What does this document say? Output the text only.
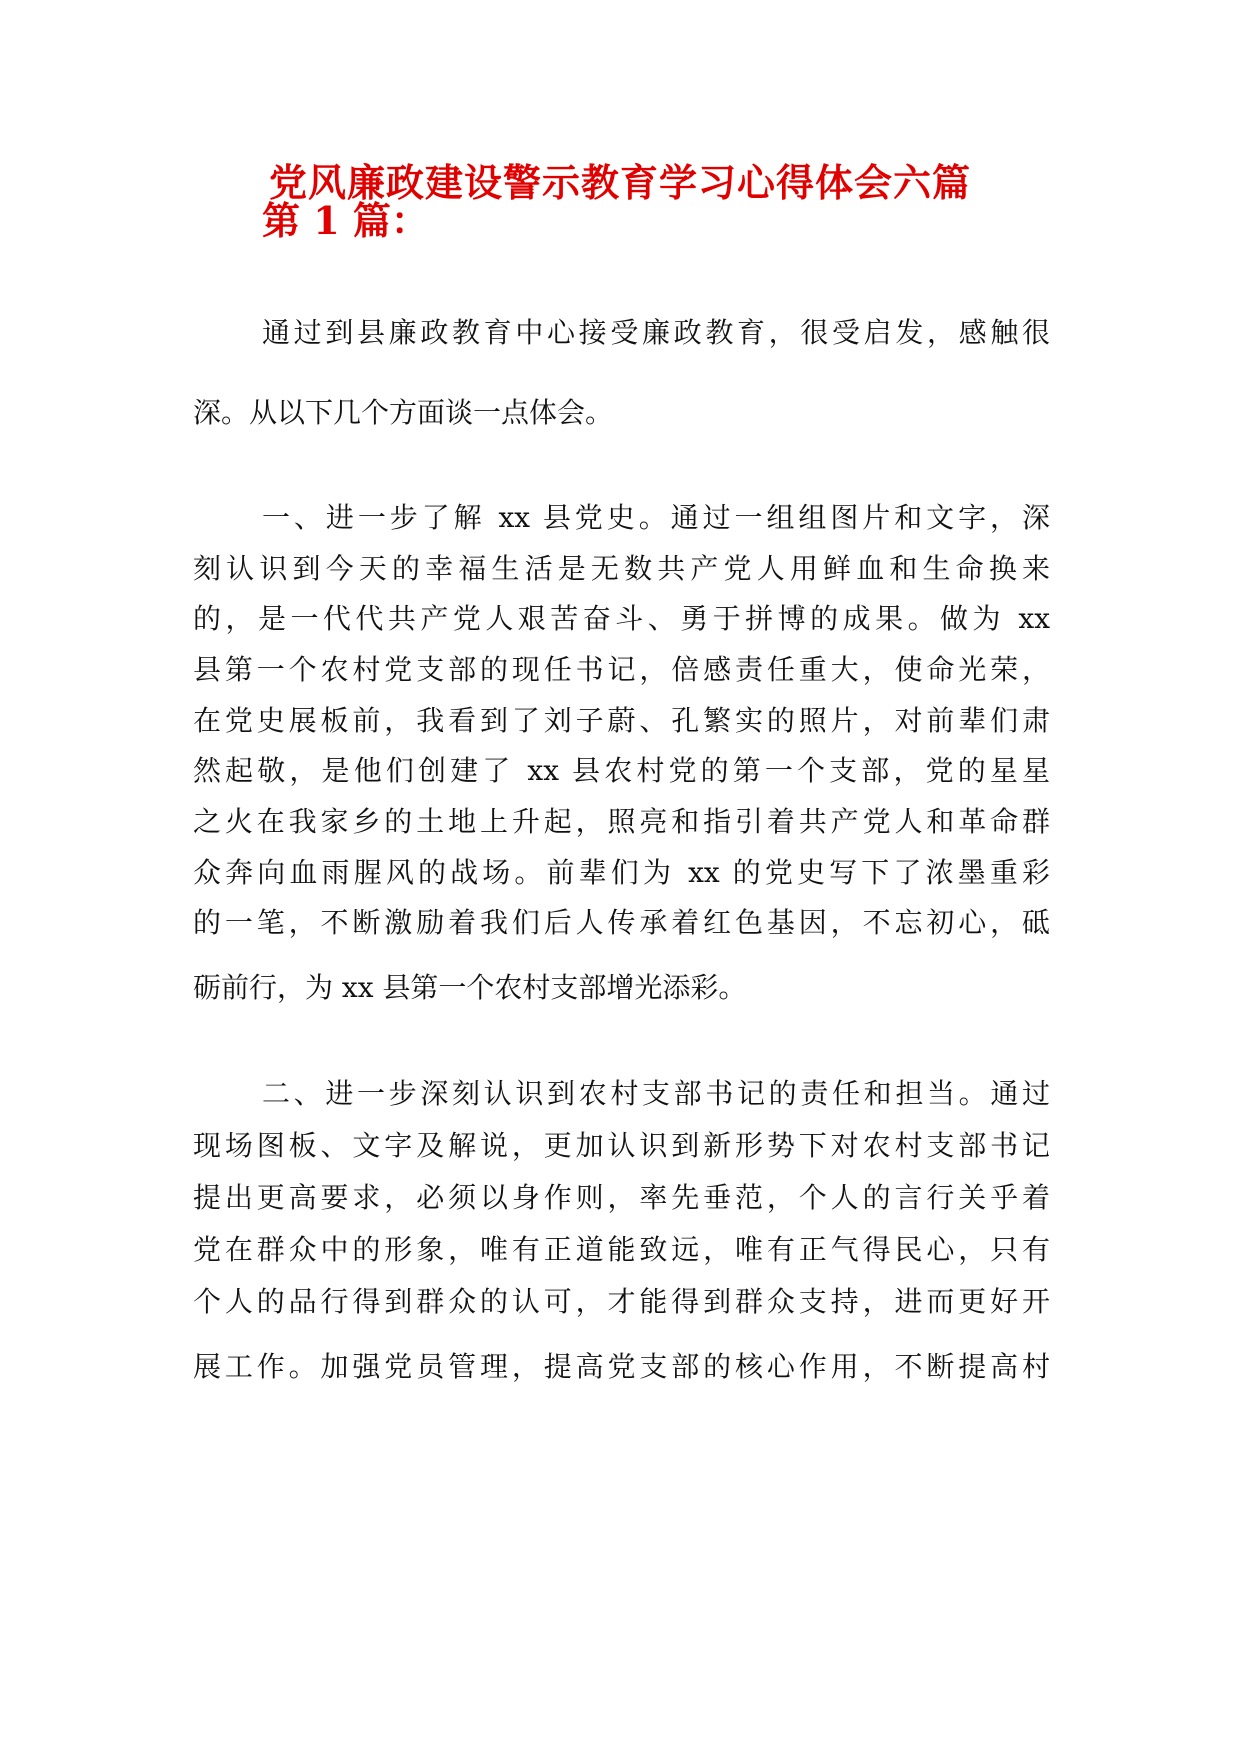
党风廉政建设警示教育学习心得体会六篇
第 1 篇：
通过到县廉政教育中心接受廉政教育，很受启发，感触很
深。从以下几个方面谈一点体会。
一、进一步了解 xx 县党史。通过一组组图片和文字，深
刻认识到今天的幸福生活是无数共产党人用鲜血和生命换来
的，是一代代共产党人艰苦奋斗、勇于拼博的成果。做为 xx
县第一个农村党支部的现任书记，倍感责任重大，使命光荣，
在党史展板前，我看到了刘子蔚、孔繁实的照片，对前辈们肃
然起敬，是他们创建了 xx 县农村党的第一个支部，党的星星
之火在我家乡的土地上升起，照亮和指引着共产党人和革命群
众奔向血雨腥风的战场。前辈们为 xx 的党史写下了浓墨重彩
的一笔，不断激励着我们后人传承着红色基因，不忘初心，砥
砺前行，为 xx 县第一个农村支部增光添彩。
二、进一步深刻认识到农村支部书记的责任和担当。通过
现场图板、文字及解说，更加认识到新形势下对农村支部书记
提出更高要求，必须以身作则，率先垂范，个人的言行关乎着
党在群众中的形象，唯有正道能致远，唯有正气得民心，只有
个人的品行得到群众的认可，才能得到群众支持，进而更好开
展工作。加强党员管理，提高党支部的核心作用，不断提高村
